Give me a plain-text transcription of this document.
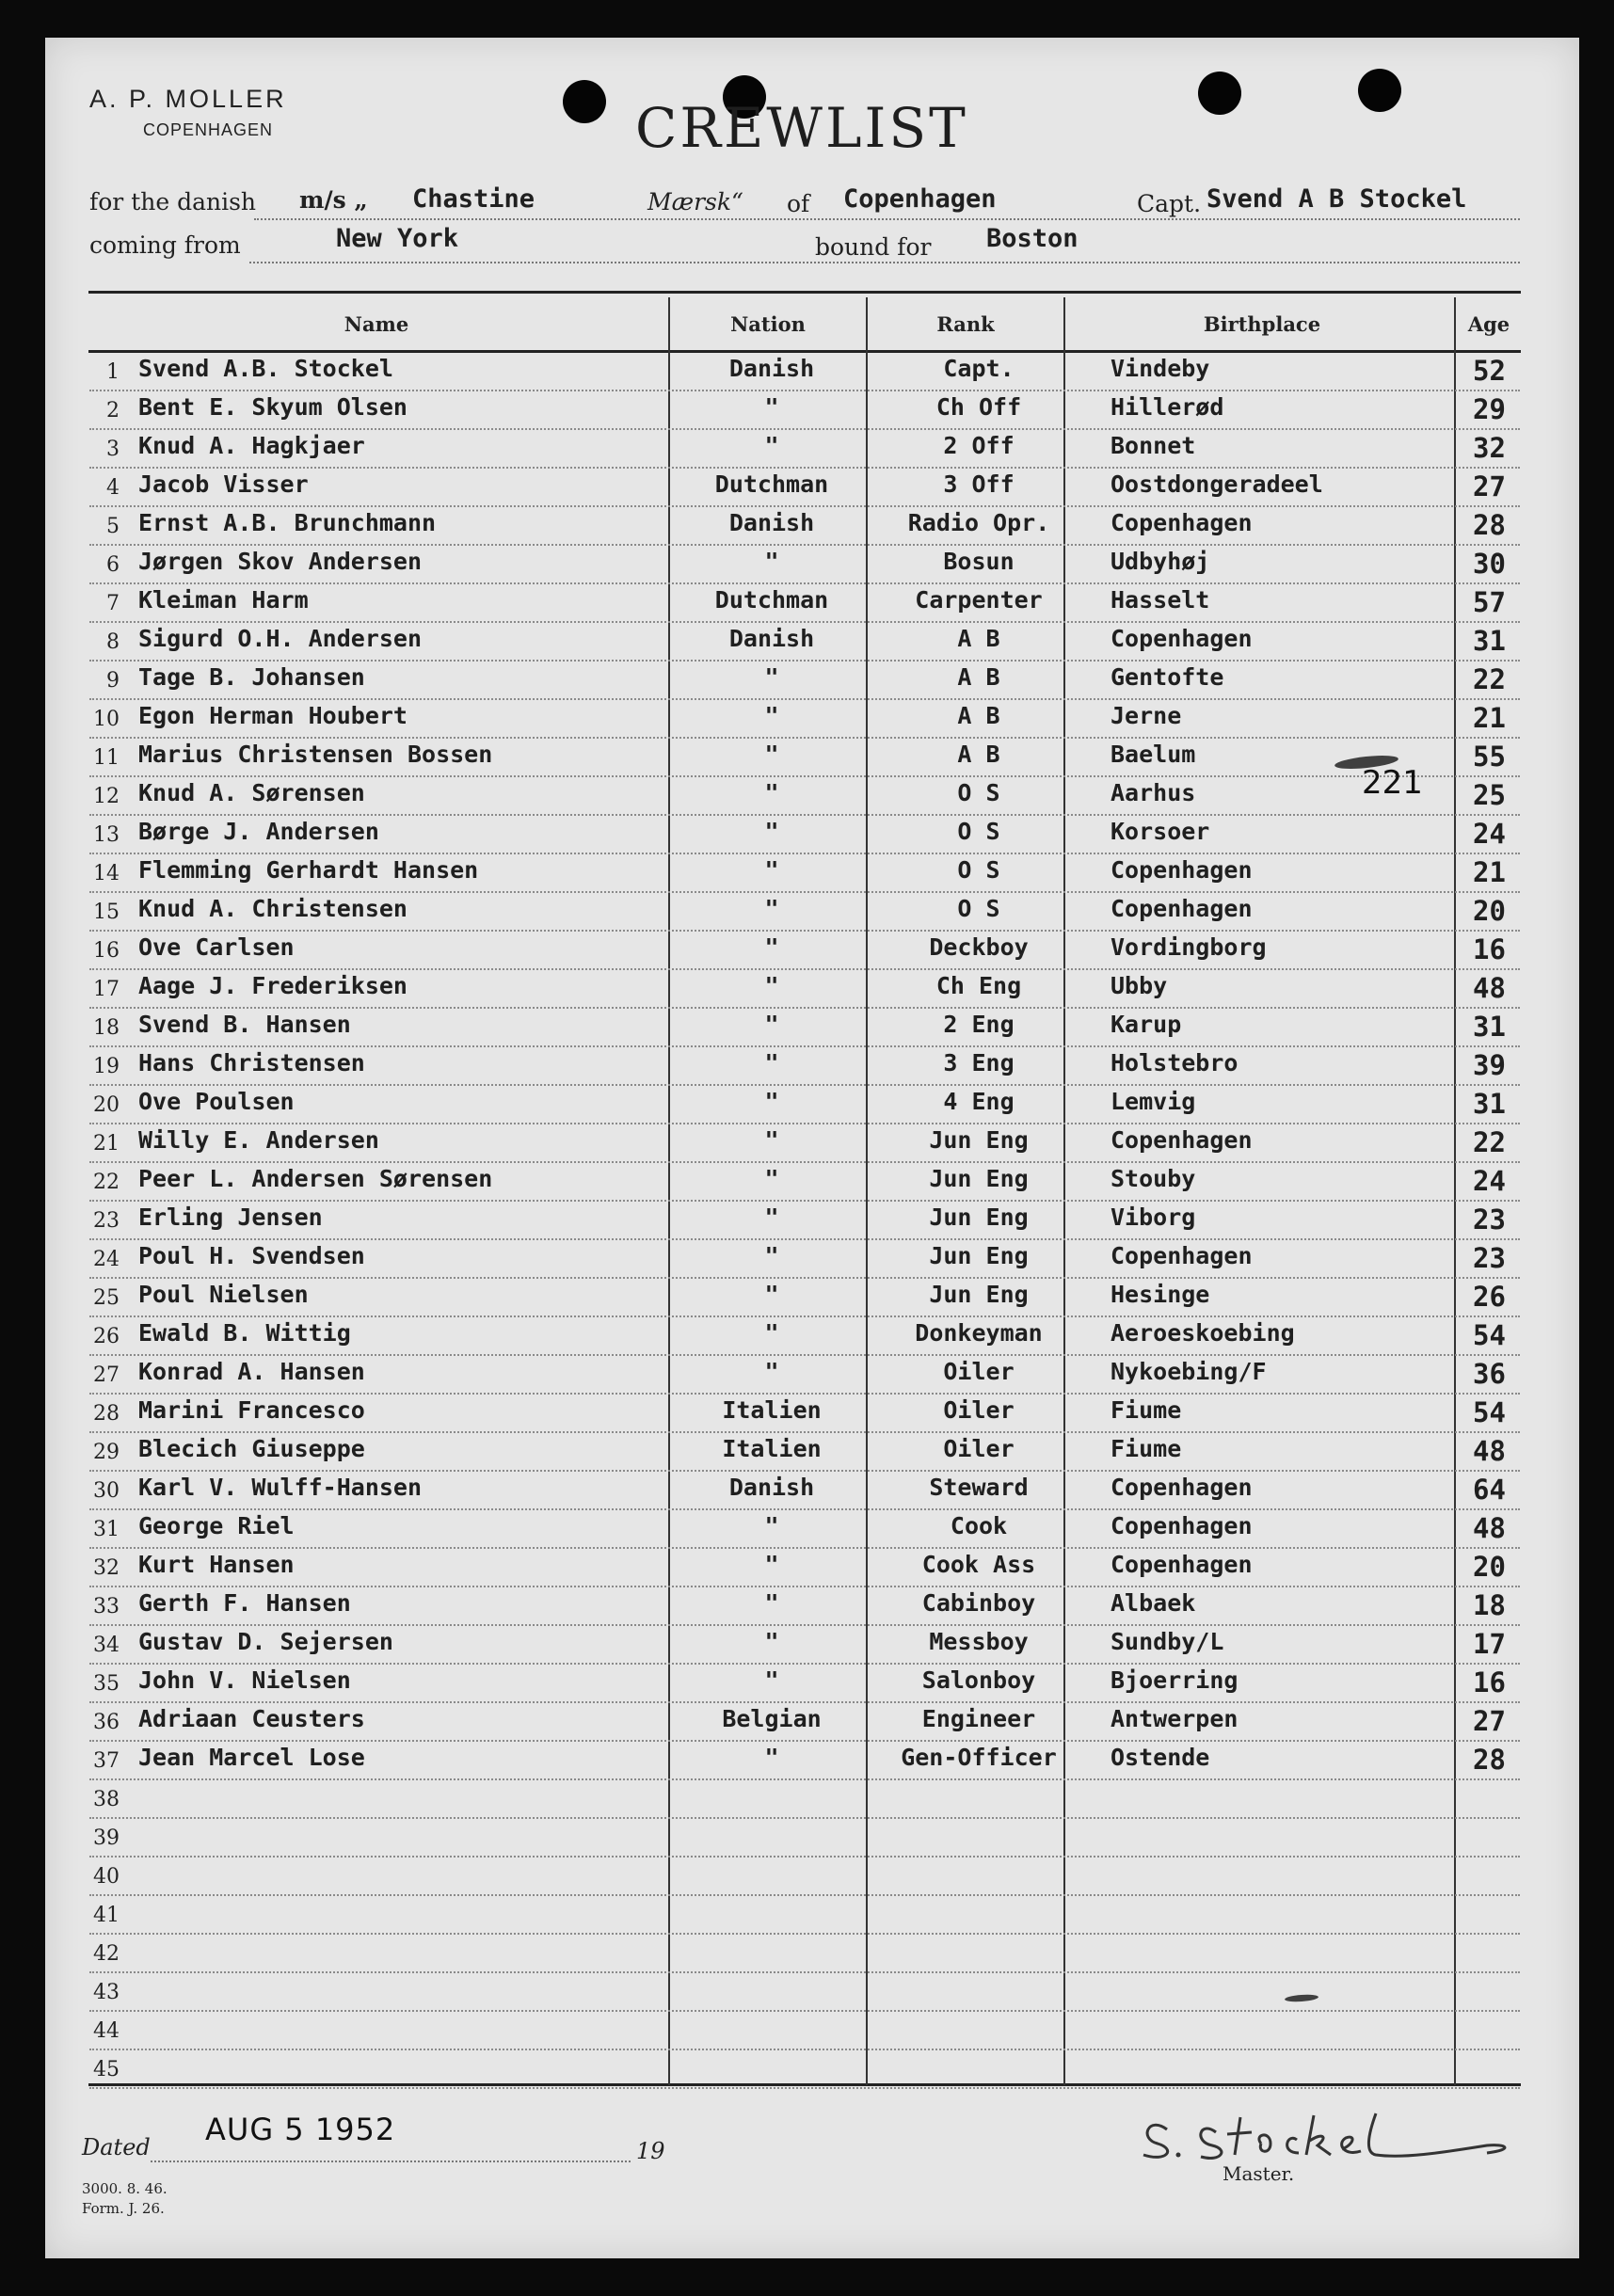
A. P. MOLLER
COPENHAGEN	CREWLIST
for the danish m/s „ Chastine	Mærsk“ of Copenhagen	Capt. Svend A B Stockel
coming from	New York	bound for Boston
Name	Nation	Rank	Birthplace	Age
1 Svend A.B. Stockel	Danish	Capt.	Vindeby	52
2 Bent E. Skyum Olsen	"	Ch Off	Hillerød	29
3 Knud A. Hagkjaer	"	2 Off	Bonnet	32
4 Jacob Visser	Dutchman	3 Off	Oostdongeradeel	27
5 Ernst A.B. Brunchmann	Danish	Radio Opr.	Copenhagen	28
6 Jørgen Skov Andersen	"	Bosun	Udbyhøj	30
7 Kleiman Harm	Dutchman	Carpenter	Hasselt	57
8 Sigurd O.H. Andersen	Danish	A B	Copenhagen	31
9 Tage B. Johansen	"	A B	Gentofte	22
10 Egon Herman Houbert	"	A B	Jerne	21
11 Marius Christensen Bossen	"	A B	Baelum	55
12 Knud A. Sørensen	"	O S	Aarhus	25
13 Børge J. Andersen	"	O S	Korsoer	24
14 Flemming Gerhardt Hansen	"	O S	Copenhagen	21
15 Knud A. Christensen	"	O S	Copenhagen	20
16 Ove Carlsen	"	Deckboy	Vordingborg	16
17 Aage J. Frederiksen	"	Ch Eng	Ubby	48
18 Svend B. Hansen	"	2 Eng	Karup	31
19 Hans Christensen	"	3 Eng	Holstebro	39
20 Ove Poulsen	"	4 Eng	Lemvig	31
21 Willy E. Andersen	"	Jun Eng	Copenhagen	22
22 Peer L. Andersen Sørensen	"	Jun Eng	Stouby	24
23 Erling Jensen	"	Jun Eng	Viborg	23
24 Poul H. Svendsen	"	Jun Eng	Copenhagen	23
25 Poul Nielsen	"	Jun Eng	Hesinge	26
26 Ewald B. Wittig	"	Donkeyman	Aeroeskoebing	54
27 Konrad A. Hansen	"	Oiler	Nykoebing/F	36
28 Marini Francesco	Italien	Oiler	Fiume	54
29 Blecich Giuseppe	Italien	Oiler	Fiume	48
30 Karl V. Wulff-Hansen	Danish	Steward	Copenhagen	64
31 George Riel	"	Cook	Copenhagen	48
32 Kurt Hansen	"	Cook Ass	Copenhagen	20
33 Gerth F. Hansen	"	Cabinboy	Albaek	18
34 Gustav D. Sejersen	"	Messboy	Sundby/L	17
35 John V. Nielsen	"	Salonboy	Bjoerring	16
36 Adriaan Ceusters	Belgian	Engineer	Antwerpen	27
37 Jean Marcel Lose	"	Gen-Officer	Ostende	28
38
39
40
41
42
43
44
45
221
Dated AUG 5 1952
19
Master.
3000. 8. 46.
Form. J. 26.
